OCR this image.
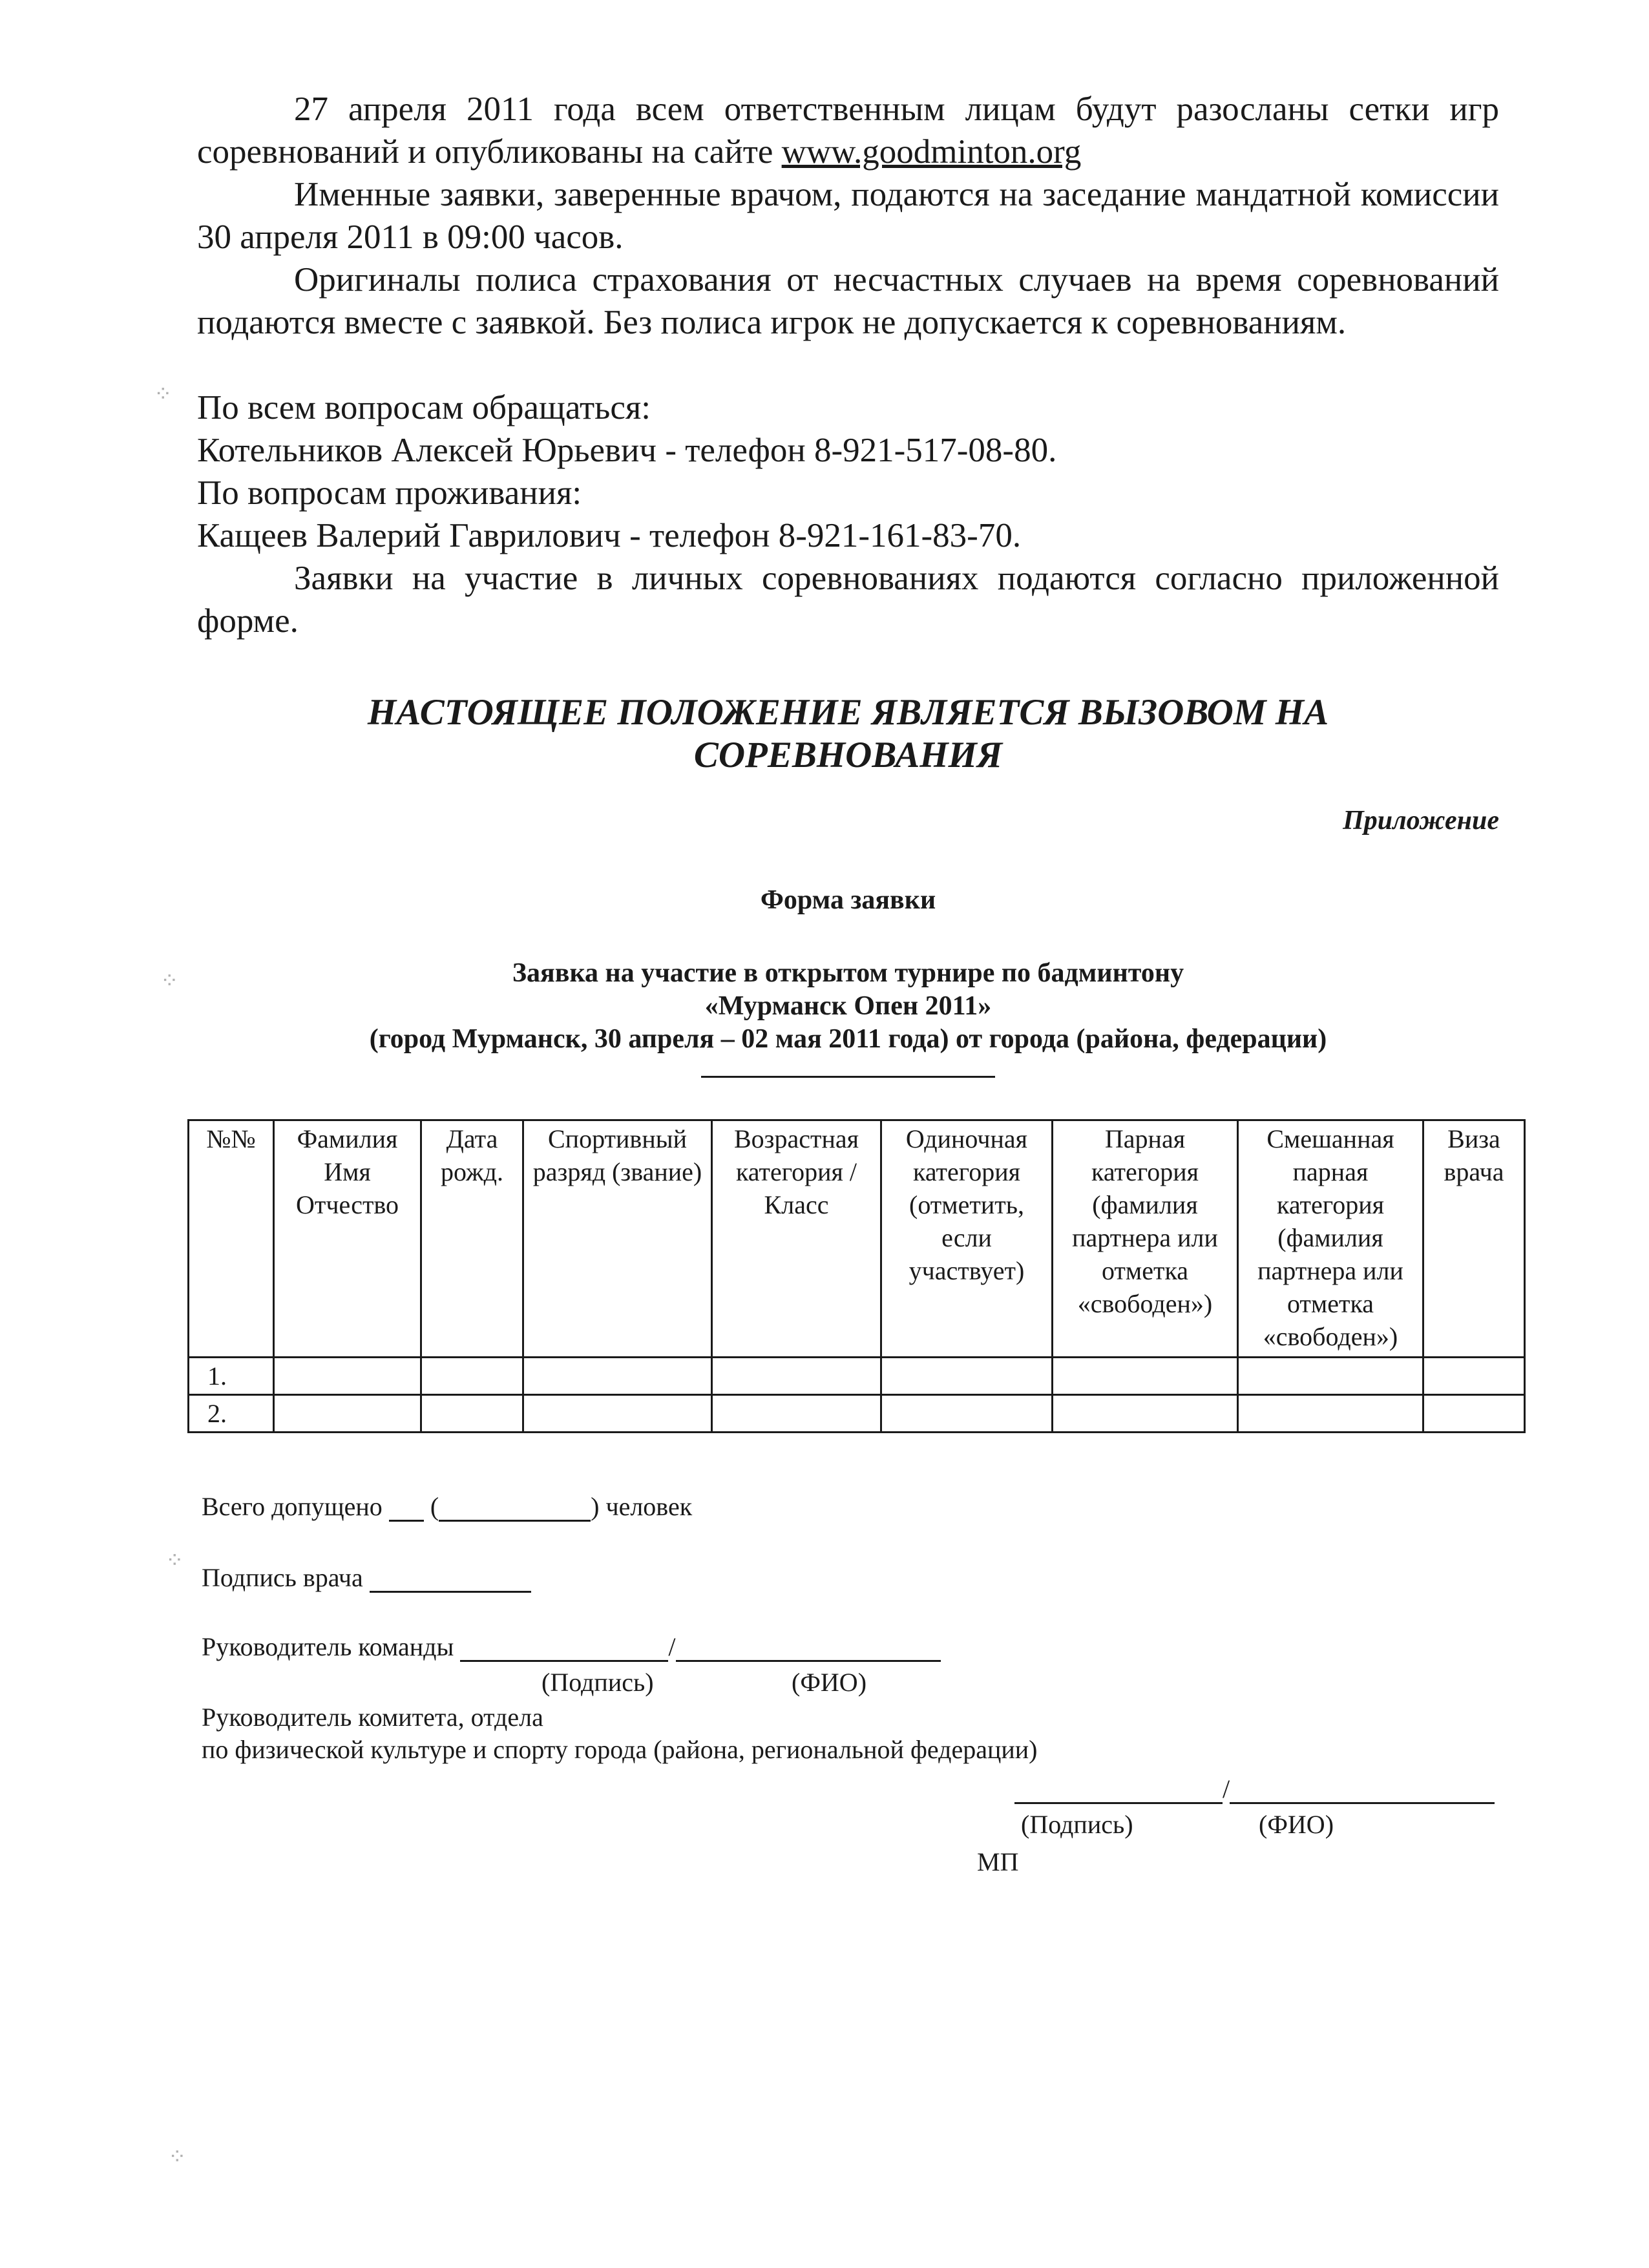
27 апреля 2011 года всем ответственным лицам будут разосланы сетки игр соревнований и опубликованы на сайте www.goodminton.org

Именные заявки, заверенные врачом, подаются на заседание мандатной комиссии 30 апреля 2011 в 09:00 часов.

Оригиналы полиса страхования от несчастных случаев на время соревнований подаются вместе с заявкой. Без полиса игрок не допускается к соревнованиям.

По всем вопросам обращаться:
Котельников Алексей Юрьевич - телефон 8-921-517-08-80.
По вопросам проживания:
Кащеев Валерий Гаврилович - телефон 8-921-161-83-70.

Заявки на участие в личных соревнованиях подаются согласно приложенной форме.

НАСТОЯЩЕЕ ПОЛОЖЕНИЕ ЯВЛЯЕТСЯ ВЫЗОВОМ НА
СОРЕВНОВАНИЯ
Приложение
Форма заявки
Заявка на участие в открытом турнире по бадминтону
«Мурманск Опен 2011»
(город Мурманск, 30 апреля – 02 мая 2011 года) от города (района, федерации)
№№	Фамилия Имя Отчество	Дата рожд.	Спортивный разряд (звание)	Возрастная категория / Класс	Одиночная категория (отметить, если участвует)	Парная категория (фамилия партнера или отметка «свободен»)	Смешанная парная категория (фамилия партнера или отметка «свободен»)	Виза врача
1.								
2.								
Всего допущено (	) человек
Подпись врача
Руководитель команды	/
(Подпись)	(ФИО)
Руководитель комитета, отдела
по физической культуре и спорту города (района, региональной федерации)
/
(Подпись)	(ФИО)
МП
⁘
⁘
⁘
⁘
